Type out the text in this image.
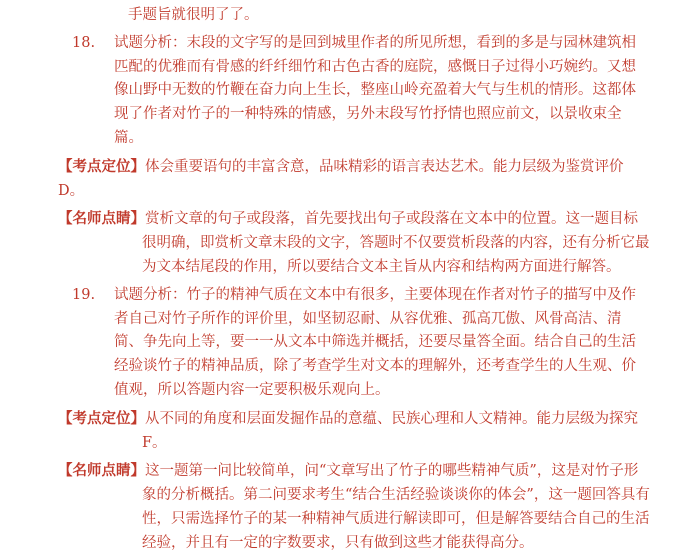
手题旨就很明了了。

18.	试题分析：末段的文字写的是回到城里作者的所见所想，看到的多是与园林建筑相匹配的优雅而有骨感的纤纤细竹和古色古香的庭院，感慨日子过得小巧婉约。又想像山野中无数的竹鞭在奋力向上生长，整座山岭充盈着大气与生机的情形。这都体现了作者对竹子的一种特殊的情感，另外末段写竹抒情也照应前文，以景收束全篇。
【考点定位】体会重要语句的丰富含意，品味精彩的语言表达艺术。能力层级为鉴赏评价 D。
【名师点睛】赏析文章的句子或段落，首先要找出句子或段落在文本中的位置。这一题目标很明确，即赏析文章末段的文字，答题时不仅要赏析段落的内容，还有分析它最为文本结尾段的作用，所以要结合文本主旨从内容和结构两方面进行解答。
19.	试题分析：竹子的精神气质在文本中有很多，主要体现在作者对竹子的描写中及作者自己对竹子所作的评价里，如坚韧忍耐、从容优雅、孤高兀傲、风骨高洁、清简、争先向上等，要一一从文本中筛选并概括，还要尽量答全面。结合自己的生活经验谈竹子的精神品质，除了考查学生对文本的理解外，还考查学生的人生观、价值观，所以答题内容一定要积极乐观向上。
【考点定位】从不同的角度和层面发掘作品的意蕴、民族心理和人文精神。能力层级为探究 F。
【名师点睛】这一题第一问比较简单，问“文章写出了竹子的哪些精神气质”，这是对竹子形象的分析概括。第二问要求考生“结合生活经验谈谈你的体会”，这一题回答具有性，只需选择竹子的某一种精神气质进行解读即可，但是解答要结合自己的生活经验，并且有一定的字数要求，只有做到这些才能获得高分。
